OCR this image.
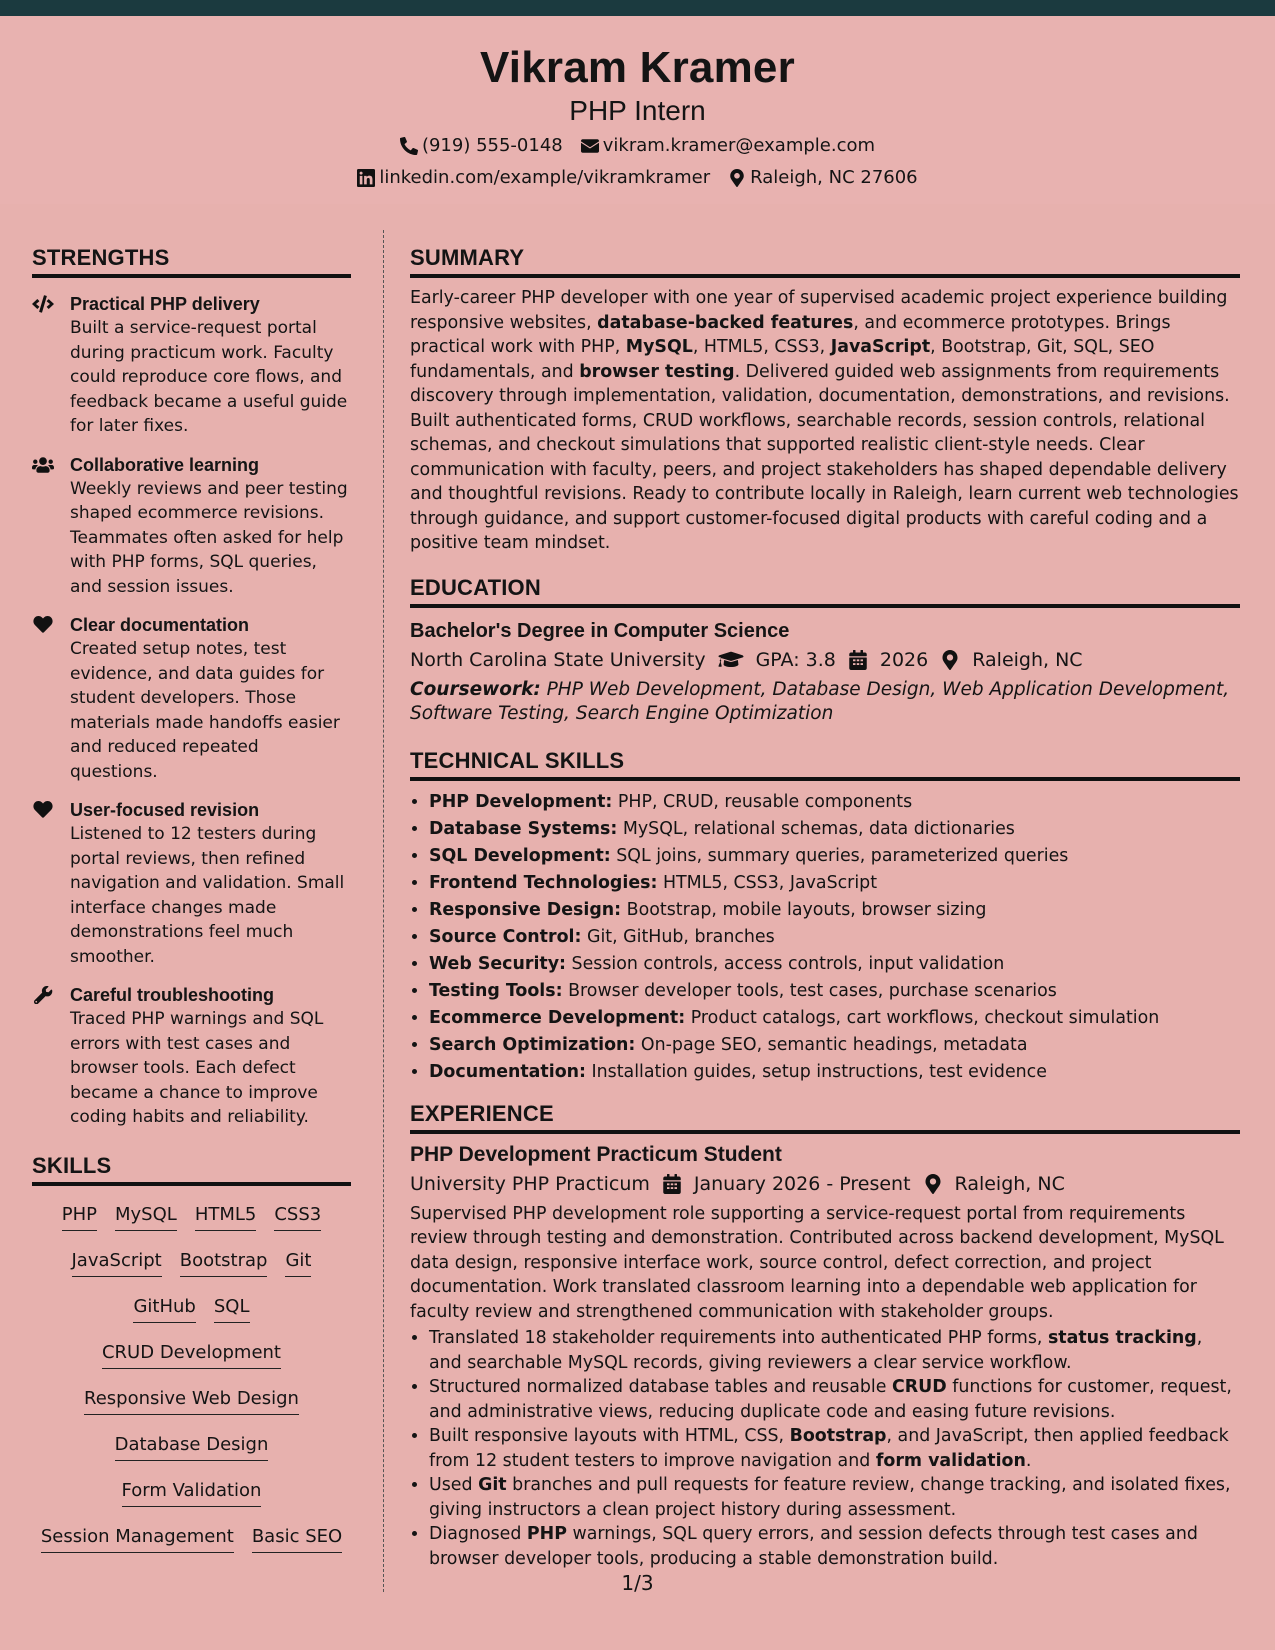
Vikram Kramer
PHP Intern
(919) 555-0148 vikram.kramer@example.com
linkedin.com/example/vikramkramer Raleigh, NC 27606
STRENGTHS
Practical PHP delivery
Built a service-request portal during practicum work. Faculty could reproduce core flows, and feedback became a useful guide for later fixes.
Collaborative learning
Weekly reviews and peer testing shaped ecommerce revisions. Teammates often asked for help with PHP forms, SQL queries, and session issues.
Clear documentation
Created setup notes, test evidence, and data guides for student developers. Those materials made handoffs easier and reduced repeated questions.
User-focused revision
Listened to 12 testers during portal reviews, then refined navigation and validation. Small interface changes made demonstrations feel much smoother.
Careful troubleshooting
Traced PHP warnings and SQL errors with test cases and browser tools. Each defect became a chance to improve coding habits and reliability.
SKILLS
PHP MySQL HTML5 CSS3
JavaScript Bootstrap Git
GitHub SQL
CRUD Development
Responsive Web Design
Database Design
Form Validation
Session Management Basic SEO
SUMMARY
Early-career PHP developer with one year of supervised academic project experience building responsive websites, database-backed features, and ecommerce prototypes. Brings practical work with PHP, MySQL, HTML5, CSS3, JavaScript, Bootstrap, Git, SQL, SEO fundamentals, and browser testing. Delivered guided web assignments from requirements discovery through implementation, validation, documentation, demonstrations, and revisions. Built authenticated forms, CRUD workflows, searchable records, session controls, relational schemas, and checkout simulations that supported realistic client-style needs. Clear communication with faculty, peers, and project stakeholders has shaped dependable delivery and thoughtful revisions. Ready to contribute locally in Raleigh, learn current web technologies through guidance, and support customer-focused digital products with careful coding and a positive team mindset.
EDUCATION
Bachelor's Degree in Computer Science
North Carolina State University	GPA: 3.8 2026 Raleigh, NC
Coursework: PHP Web Development, Database Design, Web Application Development, Software Testing, Search Engine Optimization
TECHNICAL SKILLS
• PHP Development: PHP, CRUD, reusable components
• Database Systems: MySQL, relational schemas, data dictionaries
• SQL Development: SQL joins, summary queries, parameterized queries
• Frontend Technologies: HTML5, CSS3, JavaScript
• Responsive Design: Bootstrap, mobile layouts, browser sizing
• Source Control: Git, GitHub, branches
• Web Security: Session controls, access controls, input validation
• Testing Tools: Browser developer tools, test cases, purchase scenarios
• Ecommerce Development: Product catalogs, cart workflows, checkout simulation
• Search Optimization: On-page SEO, semantic headings, metadata
• Documentation: Installation guides, setup instructions, test evidence
EXPERIENCE
PHP Development Practicum Student
University PHP Practicum January 2026 - Present Raleigh, NC
Supervised PHP development role supporting a service-request portal from requirements review through testing and demonstration. Contributed across backend development, MySQL data design, responsive interface work, source control, defect correction, and project documentation. Work translated classroom learning into a dependable web application for faculty review and strengthened communication with stakeholder groups.
• Translated 18 stakeholder requirements into authenticated PHP forms, status tracking, and searchable MySQL records, giving reviewers a clear service workflow.
• Structured normalized database tables and reusable CRUD functions for customer, request, and administrative views, reducing duplicate code and easing future revisions.
• Built responsive layouts with HTML, CSS, Bootstrap, and JavaScript, then applied feedback from 12 student testers to improve navigation and form validation.
• Used Git branches and pull requests for feature review, change tracking, and isolated fixes, giving instructors a clean project history during assessment.
• Diagnosed PHP warnings, SQL query errors, and session defects through test cases and browser developer tools, producing a stable demonstration build.
1/3
